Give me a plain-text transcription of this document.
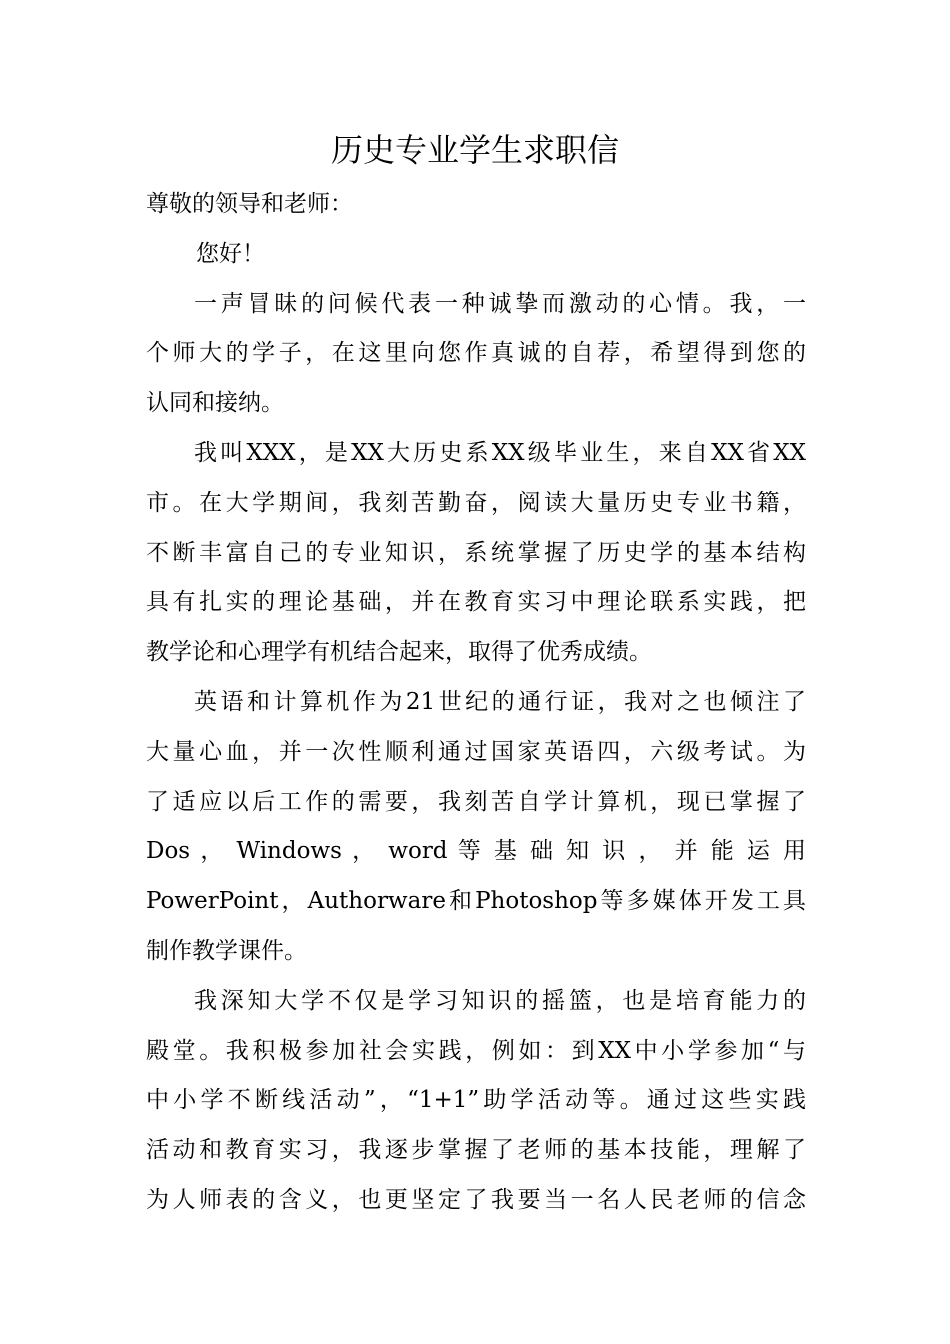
历史专业学生求职信
尊敬的领导和老师：
您好！
一声冒昧的问候代表一种诚挚而激动的心情。我，一
个师大的学子，在这里向您作真诚的自荐，希望得到您的
认同和接纳。
我叫XXX，是XX大历史系XX级毕业生，来自XX省XX
市。在大学期间，我刻苦勤奋，阅读大量历史专业书籍，
不断丰富自己的专业知识，系统掌握了历史学的基本结构
具有扎实的理论基础，并在教育实习中理论联系实践，把
教学论和心理学有机结合起来，取得了优秀成绩。
英语和计算机作为21世纪的通行证，我对之也倾注了
大量心血，并一次性顺利通过国家英语四，六级考试。为
了适应以后工作的需要，我刻苦自学计算机，现已掌握了
Dos ， Windows ， word 等 基 础 知 识 ， 并 能 运 用
PowerPoint，Authorware和Photoshop等多媒体开发工具
制作教学课件。
我深知大学不仅是学习知识的摇篮，也是培育能力的
殿堂。我积极参加社会实践，例如：到XX中小学参加“与
中小学不断线活动”，“1+1”助学活动等。通过这些实践
活动和教育实习，我逐步掌握了老师的基本技能，理解了
为人师表的含义，也更坚定了我要当一名人民老师的信念
